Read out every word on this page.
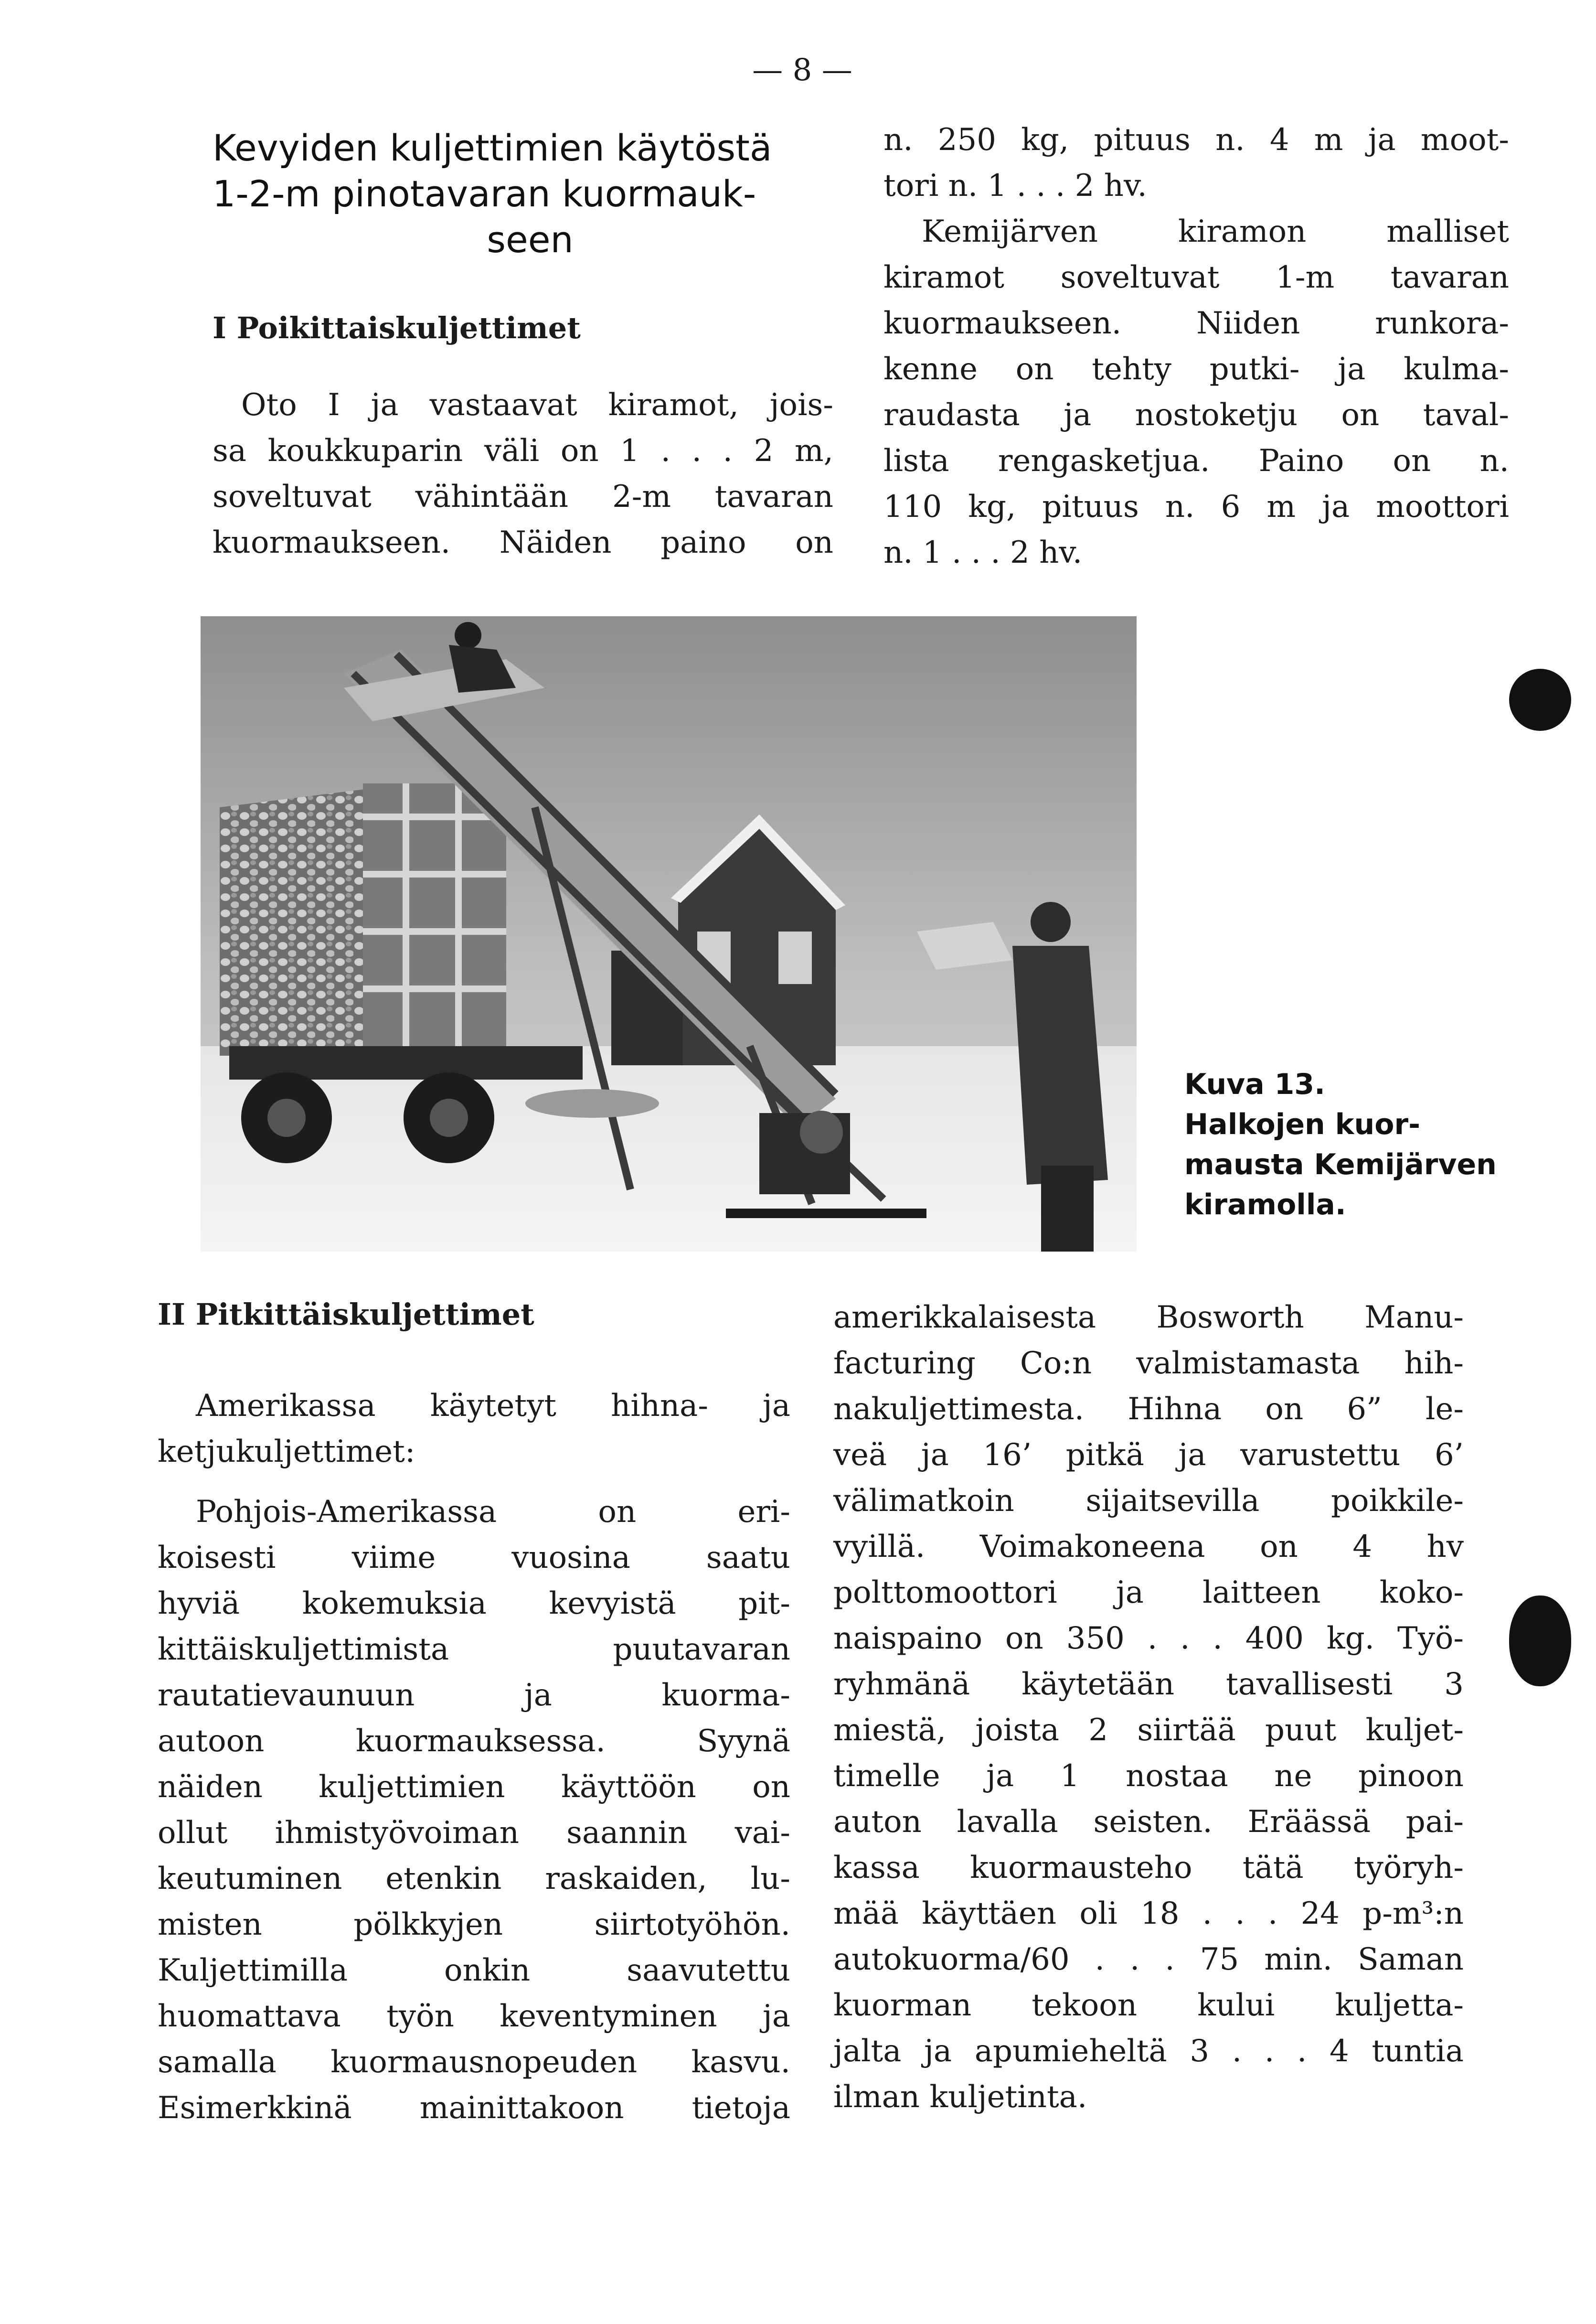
— 8 —
Kevyiden kuljettimien käytöstä
1-2-m pinotavaran kuormauk-
seen
I Poikittaiskuljettimet
Oto I ja vastaavat kiramot, jois-
sa koukkuparin väli on 1 . . . 2 m,
soveltuvat vähintään 2-m tavaran
kuormaukseen. Näiden paino on
n. 250 kg, pituus n. 4 m ja moot-
tori n. 1 . . . 2 hv.
Kemijärven kiramon malliset
kiramot soveltuvat 1-m tavaran
kuormaukseen. Niiden runkora-
kenne on tehty putki- ja kulma-
raudasta ja nostoketju on taval-
lista rengasketjua. Paino on n.
110 kg, pituus n. 6 m ja moottori
n. 1 . . . 2 hv.
Kuva 13.
Halkojen kuor-
mausta Kemijärven
kiramolla.
II Pitkittäiskuljettimet
Amerikassa käytetyt hihna- ja
ketjukuljettimet:
Pohjois-Amerikassa on eri-
koisesti viime vuosina saatu
hyviä kokemuksia kevyistä pit-
kittäiskuljettimista puutavaran
rautatievaunuun ja kuorma-
autoon kuormauksessa. Syynä
näiden kuljettimien käyttöön on
ollut ihmistyövoiman saannin vai-
keutuminen etenkin raskaiden, lu-
misten pölkkyjen siirtotyöhön.
Kuljettimilla onkin saavutettu
huomattava työn keventyminen ja
samalla kuormausnopeuden kasvu.
Esimerkkinä mainittakoon tietoja
amerikkalaisesta Bosworth Manu-
facturing Co:n valmistamasta hih-
nakuljettimesta. Hihna on 6” le-
veä ja 16’ pitkä ja varustettu 6’
välimatkoin sijaitsevilla poikkile-
vyillä. Voimakoneena on 4 hv
polttomoottori ja laitteen koko-
naispaino on 350 . . . 400 kg. Työ-
ryhmänä käytetään tavallisesti 3
miestä, joista 2 siirtää puut kuljet-
timelle ja 1 nostaa ne pinoon
auton lavalla seisten. Eräässä pai-
kassa kuormausteho tätä työryh-
mää käyttäen oli 18 . . . 24 p-m³:n
autokuorma/60 . . . 75 min. Saman
kuorman tekoon kului kuljetta-
jalta ja apumieheltä 3 . . . 4 tuntia
ilman kuljetinta.
